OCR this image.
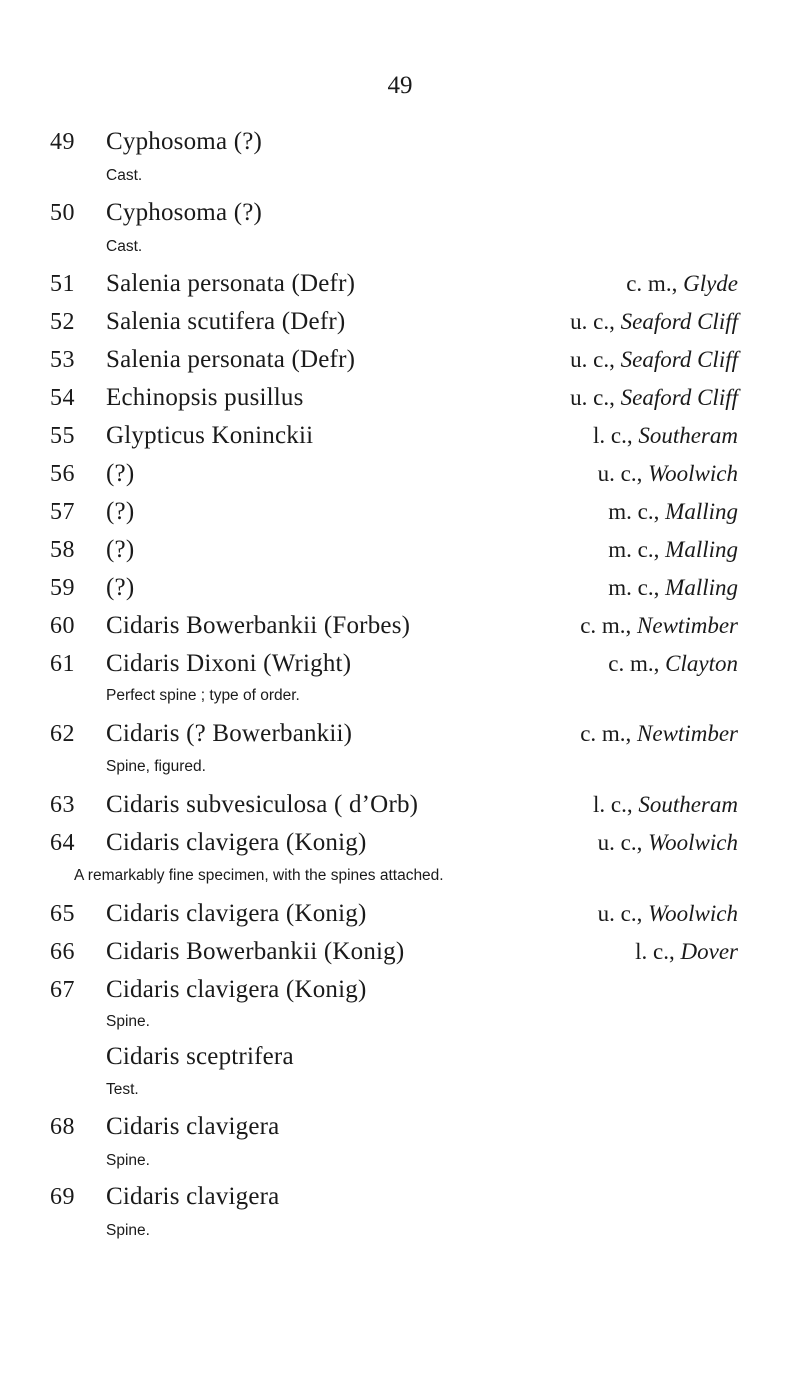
49
49	Cyphosoma (?)
Cast.
50	Cyphosoma (?)
Cast.
51	Salenia personata (Defr)	c. m., Glyde
52	Salenia scutifera (Defr)	u. c., Seaford Cliff
53	Salenia personata (Defr)	u. c., Seaford Cliff
54	Echinopsis pusillus	u. c., Seaford Cliff
55	Glypticus Koninckii	l. c., Southeram
56	(?)	u. c., Woolwich
57	(?)	m. c., Malling
58	(?)	m. c., Malling
59	(?)	m. c., Malling
60	Cidaris Bowerbankii (Forbes)	c. m., Newtimber
61	Cidaris Dixoni (Wright)	c. m., Clayton
Perfect spine ; type of order.
62	Cidaris (? Bowerbankii)	c. m., Newtimber
Spine, figured.
63	Cidaris subvesiculosa ( d’Orb)	l. c., Southeram
64	Cidaris clavigera (Konig)	u. c., Woolwich
A remarkably fine specimen, with the spines attached.
65	Cidaris clavigera (Konig)	u. c., Woolwich
66	Cidaris Bowerbankii (Konig)	l. c., Dover
67	Cidaris clavigera (Konig)
Spine.
Cidaris sceptrifera
Test.
68	Cidaris clavigera
Spine.
69	Cidaris clavigera
Spine.
